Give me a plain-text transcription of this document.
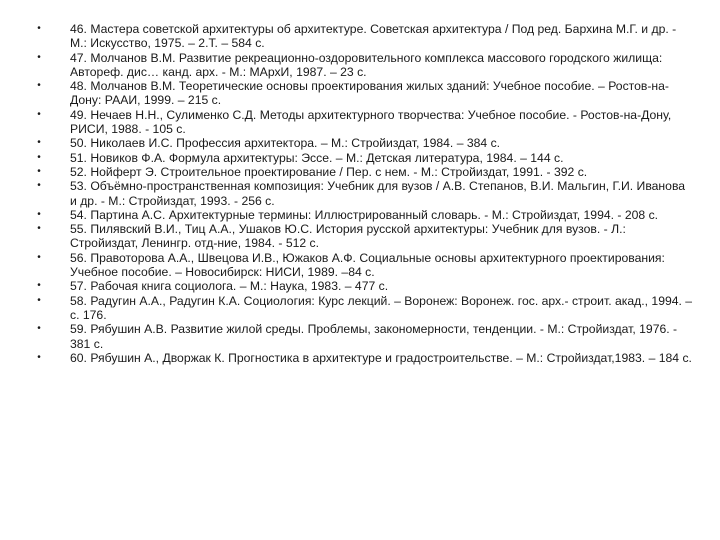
• 46. Мастера советской архитектуры об архитектуре. Советская архитектура / Под ред. Бархина М.Г. и др. - М.: Искусство, 1975. – 2.Т. – 584 с.
• 47. Молчанов В.М. Развитие рекреационно-оздоровительного комплекса массового городского жилища: Автореф. дис… канд. арх. - М.: МАрхИ, 1987. – 23 с.
• 48. Молчанов В.М. Теоретические основы проектирования жилых зданий: Учебное пособие. – Ростов-на-Дону: РААИ, 1999. – 215 с.
• 49. Нечаев Н.Н., Сулименко С.Д. Методы архитектурного творчества: Учебное пособие. - Ростов-на-Дону, РИСИ, 1988. - 105 с.
• 50. Николаев И.С. Профессия архитектора. – М.: Стройиздат, 1984. – 384 с.
• 51. Новиков Ф.А. Формула архитектуры: Эссе. – М.: Детская литература, 1984. – 144 с.
• 52. Нойферт Э. Строительное проектирование / Пер. с нем. - М.: Стройиздат, 1991. - 392 с.
• 53. Объёмно-пространственная композиция: Учебник для вузов / А.В. Степанов, В.И. Мальгин, Г.И. Иванова и др. - М.: Стройиздат, 1993. - 256 с.
• 54. Партина А.С. Архитектурные термины: Иллюстрированный словарь. - М.: Стройиздат, 1994. - 208 с.
• 55. Пилявский В.И., Тиц А.А., Ушаков Ю.С. История русской архитектуры: Учебник для вузов. - Л.: Стройиздат, Ленингр. отд-ние, 1984. - 512 с.
• 56. Правоторова А.А., Швецова И.В., Южаков А.Ф. Социальные основы архитектурного проектирования: Учебное пособие. – Новосибирск: НИСИ, 1989. –84 с.
• 57. Рабочая книга социолога. – М.: Наука, 1983. – 477 с.
• 58. Радугин А.А., Радугин К.А. Социология: Курс лекций. – Воронеж: Воронеж. гос. арх.- строит. акад., 1994. – с. 176.
• 59. Рябушин А.В. Развитие жилой среды. Проблемы, закономерности, тенденции. - М.: Стройиздат, 1976. - 381 с.
• 60. Рябушин А., Дворжак К. Прогностика в архитектуре и градостроительстве. – М.: Стройиздат,1983. – 184 с.
